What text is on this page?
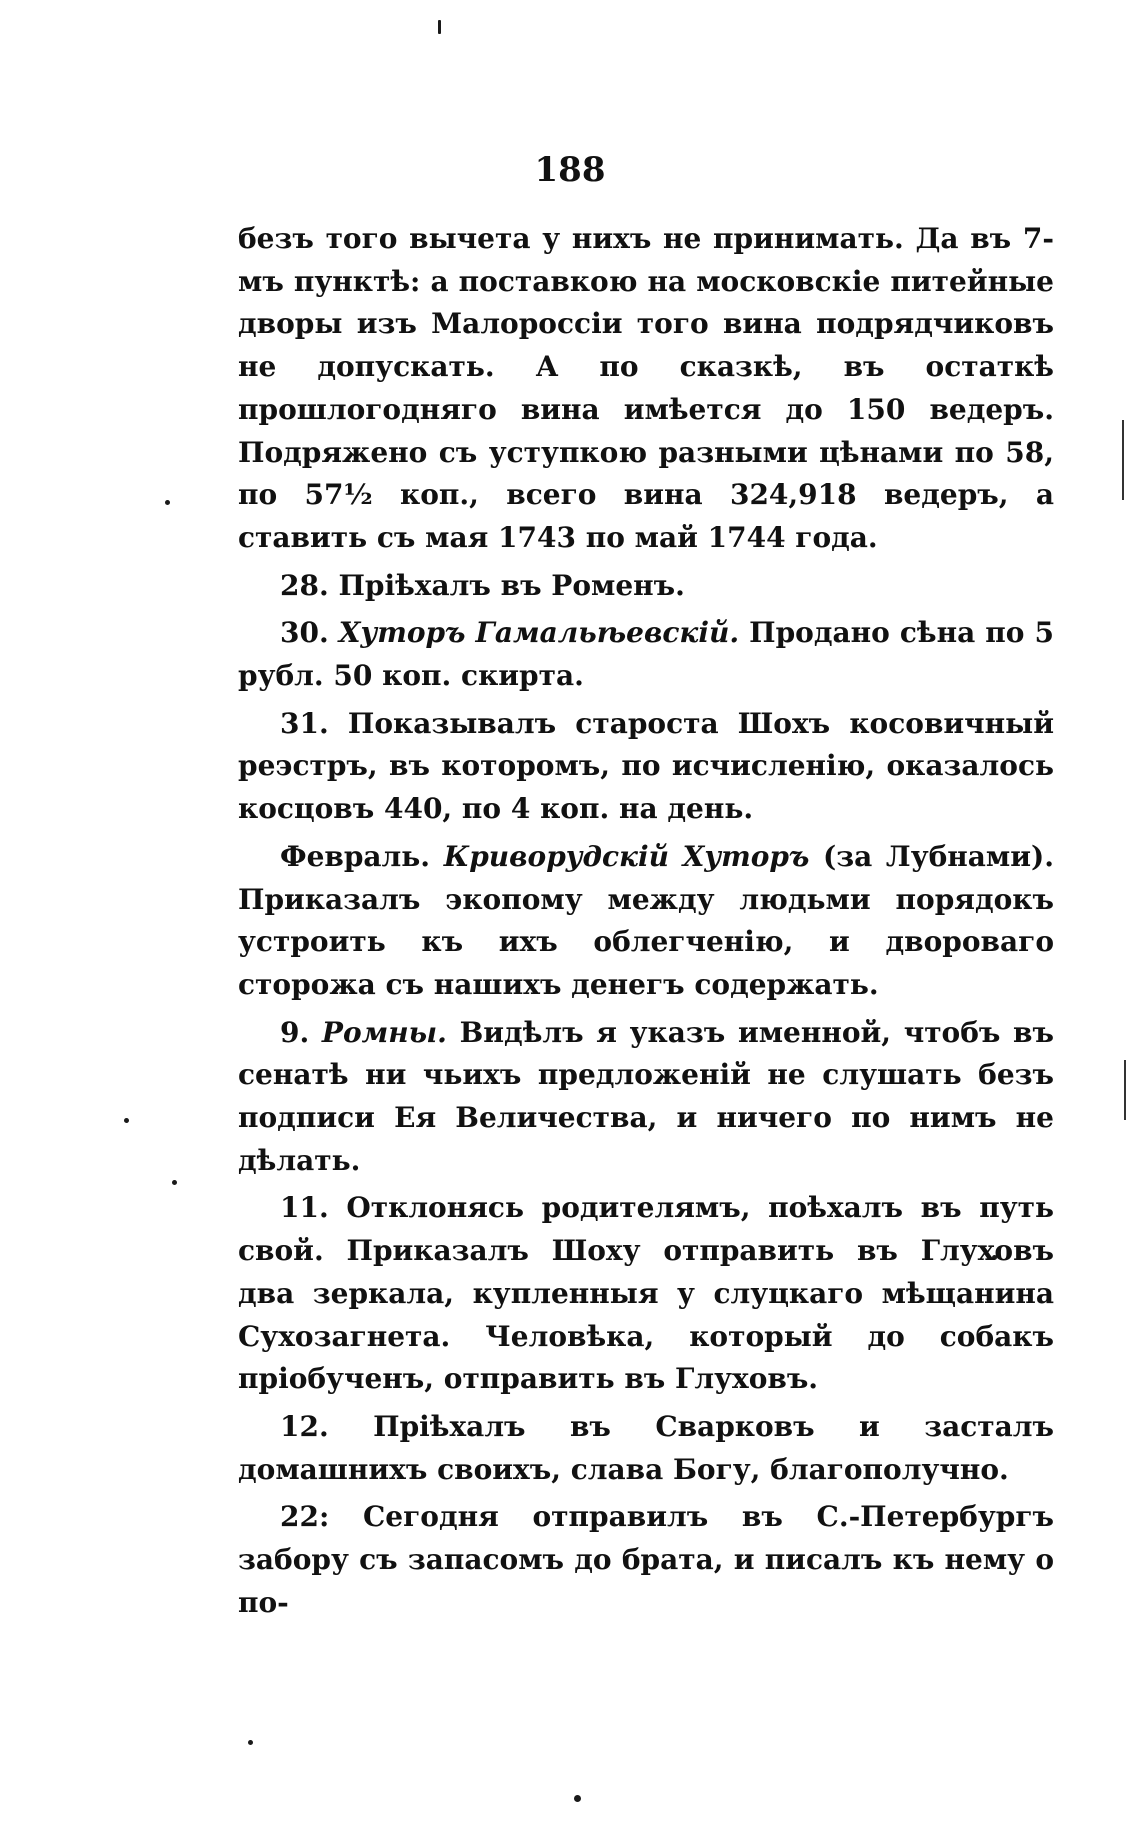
188

безъ того вычета у нихъ не принимать. Да въ 7-мъ пунктѣ: а поставкою на московскіе питейные дворы изъ Малороссіи того вина подрядчиковъ не допускать. А по сказкѣ, въ остаткѣ прошлогодняго вина имѣется до 150 ведеръ. Подряжено съ уступкою разными цѣнами по 58, по 57½ коп., всего вина 324,918 ведеръ, а ставить съ мая 1743 по май 1744 года.

28. Пріѣхалъ въ Роменъ.

30. Хуторъ Гамальѣевскій. Продано сѣна по 5 рубл. 50 коп. скирта.

31. Показывалъ староста Шохъ косовичный реэстръ, въ которомъ, по исчисленію, оказалось косцовъ 440, по 4 коп. на день.

Февраль. Криворудскій Хуторъ (за Лубнами). Приказалъ экопому между людьми порядокъ устроить къ ихъ облегченію, и двороваго сторожа съ нашихъ денегъ содержать.

9. Ромны. Видѣлъ я указъ именной, чтобъ въ сенатѣ ни чьихъ предложеній не слушать безъ подписи Ея Величества, и ничего по нимъ не дѣлать.

11. Отклонясь родителямъ, поѣхалъ въ путь свой. Приказалъ Шоху отправить въ Глуховъ два зеркала, купленныя у слуцкаго мѣщанина Сухозагнета. Человѣка, который до собакъ пріобученъ, отправить въ Глуховъ.

12. Пріѣхалъ въ Сварковъ и засталъ домашнихъ своихъ, слава Богу, благополучно.

22: Сегодня отправилъ въ С.-Петербургъ забору съ запасомъ до брата, и писалъ къ нему о по-
